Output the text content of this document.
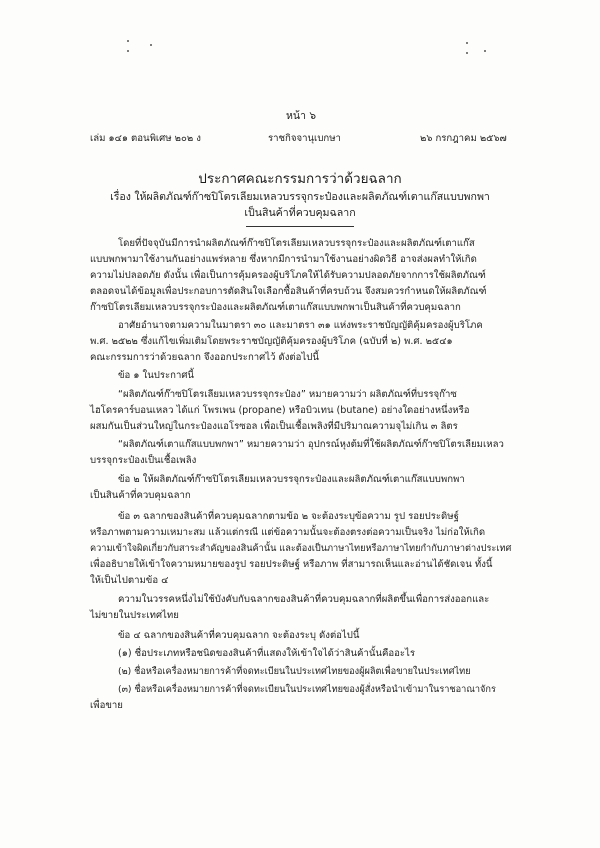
หน้า ๖
เล่ม ๑๔๑ ตอนพิเศษ ๒๐๒ ง	ราชกิจจานุเบกษา	๒๖ กรกฎาคม ๒๕๖๗
ประกาศคณะกรรมการว่าด้วยฉลาก
เรื่อง ให้ผลิตภัณฑ์ก๊าซปิโตรเลียมเหลวบรรจุกระป๋องและผลิตภัณฑ์เตาแก๊สแบบพกพา
เป็นสินค้าที่ควบคุมฉลาก
โดยที่ปัจจุบันมีการนำผลิตภัณฑ์ก๊าซปิโตรเลียมเหลวบรรจุกระป๋องและผลิตภัณฑ์เตาแก๊ส
แบบพกพามาใช้งานกันอย่างแพร่หลาย ซึ่งหากมีการนำมาใช้งานอย่างผิดวิธี อาจส่งผลทำให้เกิด
ความไม่ปลอดภัย ดังนั้น เพื่อเป็นการคุ้มครองผู้บริโภคให้ได้รับความปลอดภัยจากการใช้ผลิตภัณฑ์
ตลอดจนได้ข้อมูลเพื่อประกอบการตัดสินใจเลือกซื้อสินค้าที่ครบถ้วน จึงสมควรกำหนดให้ผลิตภัณฑ์
ก๊าซปิโตรเลียมเหลวบรรจุกระป๋องและผลิตภัณฑ์เตาแก๊สแบบพกพาเป็นสินค้าที่ควบคุมฉลาก
อาศัยอำนาจตามความในมาตรา ๓๐ และมาตรา ๓๑ แห่งพระราชบัญญัติคุ้มครองผู้บริโภค
พ.ศ. ๒๕๒๒ ซึ่งแก้ไขเพิ่มเติมโดยพระราชบัญญัติคุ้มครองผู้บริโภค (ฉบับที่ ๒) พ.ศ. ๒๕๔๑
คณะกรรมการว่าด้วยฉลาก จึงออกประกาศไว้ ดังต่อไปนี้
ข้อ ๑ ในประกาศนี้
“ผลิตภัณฑ์ก๊าซปิโตรเลียมเหลวบรรจุกระป๋อง” หมายความว่า ผลิตภัณฑ์ที่บรรจุก๊าซ
ไฮโดรคาร์บอนเหลว ได้แก่ โพรเพน (propane) หรือบิวเทน (butane) อย่างใดอย่างหนึ่งหรือ
ผสมกันเป็นส่วนใหญ่ในกระป๋องแอโรซอล เพื่อเป็นเชื้อเพลิงที่มีปริมาณความจุไม่เกิน ๓ ลิตร
“ผลิตภัณฑ์เตาแก๊สแบบพกพา” หมายความว่า อุปกรณ์หุงต้มที่ใช้ผลิตภัณฑ์ก๊าซปิโตรเลียมเหลว
บรรจุกระป๋องเป็นเชื้อเพลิง
ข้อ ๒ ให้ผลิตภัณฑ์ก๊าซปิโตรเลียมเหลวบรรจุกระป๋องและผลิตภัณฑ์เตาแก๊สแบบพกพา
เป็นสินค้าที่ควบคุมฉลาก
ข้อ ๓ ฉลากของสินค้าที่ควบคุมฉลากตามข้อ ๒ จะต้องระบุข้อความ รูป รอยประดิษฐ์
หรือภาพตามความเหมาะสม แล้วแต่กรณี แต่ข้อความนั้นจะต้องตรงต่อความเป็นจริง ไม่ก่อให้เกิด
ความเข้าใจผิดเกี่ยวกับสาระสำคัญของสินค้านั้น และต้องเป็นภาษาไทยหรือภาษาไทยกำกับภาษาต่างประเทศ
เพื่ออธิบายให้เข้าใจความหมายของรูป รอยประดิษฐ์ หรือภาพ ที่สามารถเห็นและอ่านได้ชัดเจน ทั้งนี้
ให้เป็นไปตามข้อ ๔
ความในวรรคหนึ่งไม่ใช้บังคับกับฉลากของสินค้าที่ควบคุมฉลากที่ผลิตขึ้นเพื่อการส่งออกและ
ไม่ขายในประเทศไทย
ข้อ ๔ ฉลากของสินค้าที่ควบคุมฉลาก จะต้องระบุ ดังต่อไปนี้
(๑) ชื่อประเภทหรือชนิดของสินค้าที่แสดงให้เข้าใจได้ว่าสินค้านั้นคืออะไร
(๒) ชื่อหรือเครื่องหมายการค้าที่จดทะเบียนในประเทศไทยของผู้ผลิตเพื่อขายในประเทศไทย
(๓) ชื่อหรือเครื่องหมายการค้าที่จดทะเบียนในประเทศไทยของผู้สั่งหรือนำเข้ามาในราชอาณาจักร
เพื่อขาย
